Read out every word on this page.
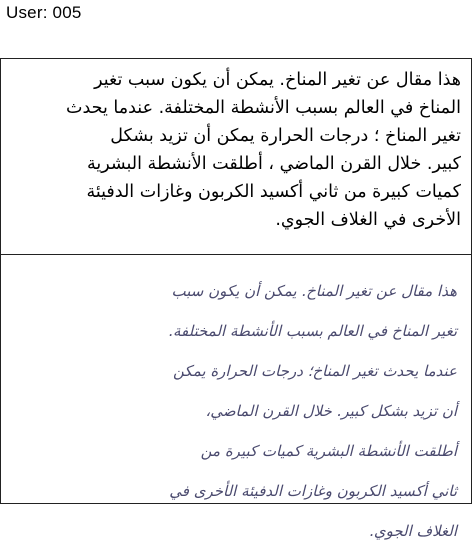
User: 005
هذا مقال عن تغير المناخ. يمكن أن يكون سبب تغير
المناخ في العالم بسبب الأنشطة المختلفة. عندما يحدث
تغير المناخ ؛ درجات الحرارة يمكن أن تزيد بشكل
كبير. خلال القرن الماضي ، أطلقت الأنشطة البشرية
كميات كبيرة من ثاني أكسيد الكربون وغازات الدفيئة
الأخرى في الغلاف الجوي.
هذا مقال عن تغير المناخ. يمكن أن يكون سبب
تغير المناخ في العالم بسبب الأنشطة المختلفة.
عندما يحدث تغير المناخ؛ درجات الحرارة يمكن
أن تزيد بشكل كبير. خلال القرن الماضي،
أطلقت الأنشطة البشرية كميات كبيرة من
ثاني أكسيد الكربون وغازات الدفيئة الأخرى في
الغلاف الجوي.
